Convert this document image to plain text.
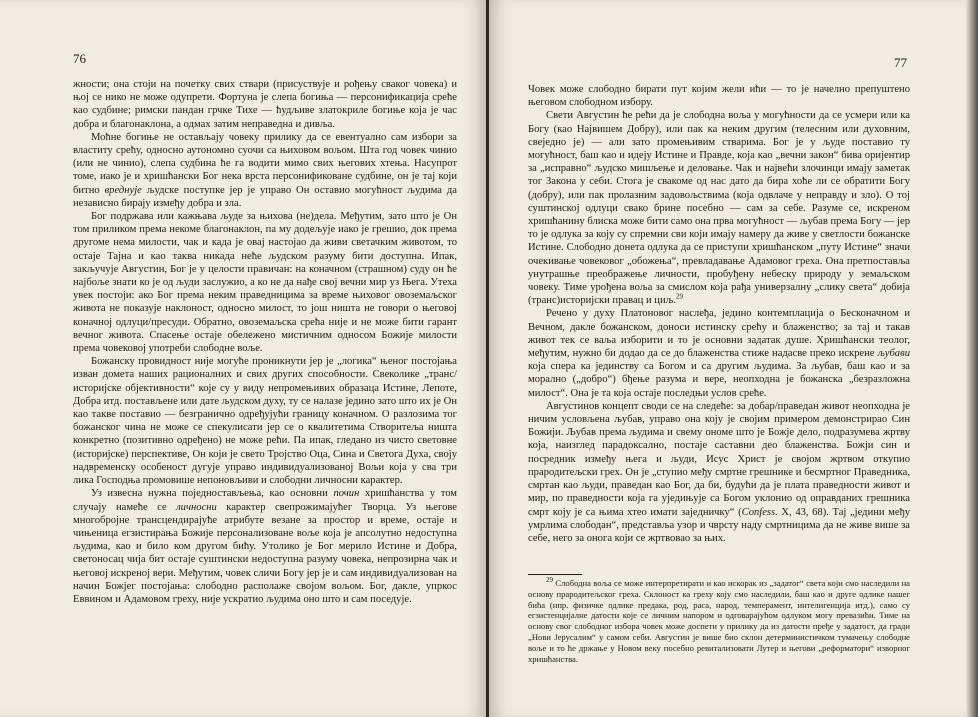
76

жности; она стоји на почетку свих ствари (присуствује и рођењу сваког човека) и њој се нико не може одупрети. Фортуна је слепа богиња — персонификација среће као судбине; римски пандан грчке Тихе — ћудљиве златокриле богиње која је час добра и благонаклона, а одмах затим неправедна и дивља.

Моћне богиње не остављају човеку прилику да се евентуално сам избори за властиту срећу, односно аутономно суочи са њиховом вољом. Шта год човек чинио (или не чинио), слепа судбина ће га водити мимо свих његових хтења. Насупрот томе, иако је и хришћански Бог нека врста персонификоване судбине, он је тај који битно вреднује људске поступке јер је управо Он оставио могућност људима да независно бирају између добра и зла.

Бог подржава или кажњава људе за њихова (не)дела. Међутим, зато што је Он том приликом према некоме благонаклон, па му додељује иако је грешио, док према другоме нема милости, чак и када је овај настојао да живи светачким животом, то остаје Тајна и као таква никада неће људском разуму бити доступна. Ипак, закључује Августин, Бог је у целости правичан: на коначном (страшном) суду он ће најбоље знати ко је од људи заслужио, а ко не да нађе свој вечни мир уз Њега. Утеха увек постоји: ако Бог према неким праведницима за време њиховог овоземаљског живота не показује наклоност, односно милост, то још ништа не говори о његовој коначној одлуци/пресуди. Обратно, овоземаљска срећа није и не може бити гарант вечног живота. Спасење остаје обележено мистичним односом Божије милости према човековој употреби слободне воље.

Божанску провидност није могуће проникнути јер је „логика“ њеног постојања изван домета наших рационалних и свих других способности. Свеколике „транс/историјске објективности“ које су у виду непромењивих образаца Истине, Лепоте, Добра итд. постављене или дате људском духу, ту се налазе једино зато што их је Он као такве поставио — безгранично одређујући границу коначном. О разлозима тог божанског чина не може се спекулисати јер се о квалитетима Створитеља ништа конкретно (позитивно одређено) не може рећи. Па ипак, гледано из чисто световне (историјске) перспективе, Он који је свето Тројство Оца, Сина и Светога Духа, своју надвременску особеност дугује управо индивидуализованој Вољи која у сва три лика Господња промовише непоновљиви и слободни личносни карактер.

Уз извесна нужна поједностављења, као основни почин хришћанства у том случају намеће се личносни карактер свепрожимајућег Творца. Уз његове многобројне трансцендирајуће атрибуте везане за простор и време, остаје и чињеница егзистирања Божије персонализоване воље која је апсолутно недоступна људима, као и било ком другом бићу. Утолико је Бог мерило Истине и Добра, светоносац чија бит остаје суштински недоступна разуму човека, непрозирна чак и његовој искреној вери. Међутим, човек сличи Богу јер је и сам индивидуализован на начин Божјег постојања: слободно располаже својом вољом. Бог, дакле, упркос Еввином и Адамовом греху, није ускратио људима оно што и сам поседује.

77

Човек може слободно бирати пут којим жели ићи — то је начелно препуштено његовом слободном избору.

Свети Августин ће рећи да је слободна воља у могућности да се усмери или ка Богу (као Највишем Добру), или пак ка неким другим (телесним или духовним, свеједно је) — али зато промењивим стварима. Бог је у људе поставио ту могућност, баш као и идеју Истине и Правде, која као „вечни закон“ бива оријентир за „исправно“ људско мишљење и деловање. Чак и највећи злочинци имају заметак тог Закона у себи. Стога је свакоме од нас дато да бира хоће ли се обратити Богу (добру), или пак пролазним задовољствима (која одвлаче у неправду и зло). О тој суштинској одлуци свако брине посебно — сам за себе. Разуме се, искреном хришћанину блиска може бити само она прва могућност — љубав према Богу — јер то је одлука за коју су спремни сви који имају намеру да живе у светлости божанске Истине. Слободно донета одлука да се приступи хришћанском „путу Истине“ значи очекивање човековог „обожења“, превладавање Адамовог греха. Она претпоставља унутрашње преображење личности, пробуђену небеску природу у земаљском човеку. Тиме урођена воља за смислом која рађа универзалну „слику света“ добија (транс)историјски правац и циљ.$^{29}$

Речено у духу Платоновог наслеђа, једино контемплација о Бесконачном и Вечном, дакле божанском, доноси истинску срећу и блаженство; за тај и такав живот тек се ваља изборити и то је основни задатак душе. Хришћански теолог, међутим, нужно би додао да се до блаженства стиже надасве преко искрене љубави која спера ка јединству са Богом и са другим људима. За љубав, баш као и за морално („добро“) бђење разума и вере, неопходна је божанска „безразложна милост“. Она је та која остаје последњи услов среће.

Августинов концепт своди се на следеће: за добар/праведан живот неопходна је ничим условљена љубав, управо она коју је својим примером демонстрирао Син Божији. Љубав према људима и свему ономе што је Божје дело, подразумева жртву која, наизглед парадоксално, постаје саставни део блаженства. Божји син и посредник између њега и људи, Исус Христ је својом жртвом откупио прародитељски грех. Он је „ступио међу смртне грешнике и бесмртног Праведника, смртан као људи, праведан као Бог, да би, будући да је плата праведности живот и мир, по праведности која га уједињује са Богом уклонио од оправданих грешника смрт коју је са њима хтео имати заједничку“ (Confess. X, 43, 68). Тај „једини међу умрлима слободан“, представља узор и чврсту наду смртницима да не живе више за себе, него за онога који се жртвовао за њих.

$^{29}$ Слободна воља се може интерпретирати и као искорак из „задатог“ света који смо наследили на основу прародитељског греха. Склоност ка греху коју смо наследили, баш као и друге одлике нашег бића (нпр. физичке одлике предака, род, раса, народ, темперамент, интелигенција итд.), само су егзистенцијалне датости које се личним напором и одговарајућом одлуком могу превазићи. Тиме на основу свог слободног избора човек може доспети у прилику да из датости пређе у задатост, да гради „Нови Јерусалим“ у самом себи. Августин је више био склон детерминистичком тумачењу слободне воље и то ће држање у Новом веку посебно ревитализовати Лутер и његови „реформатори“ изворног хришћанства.
